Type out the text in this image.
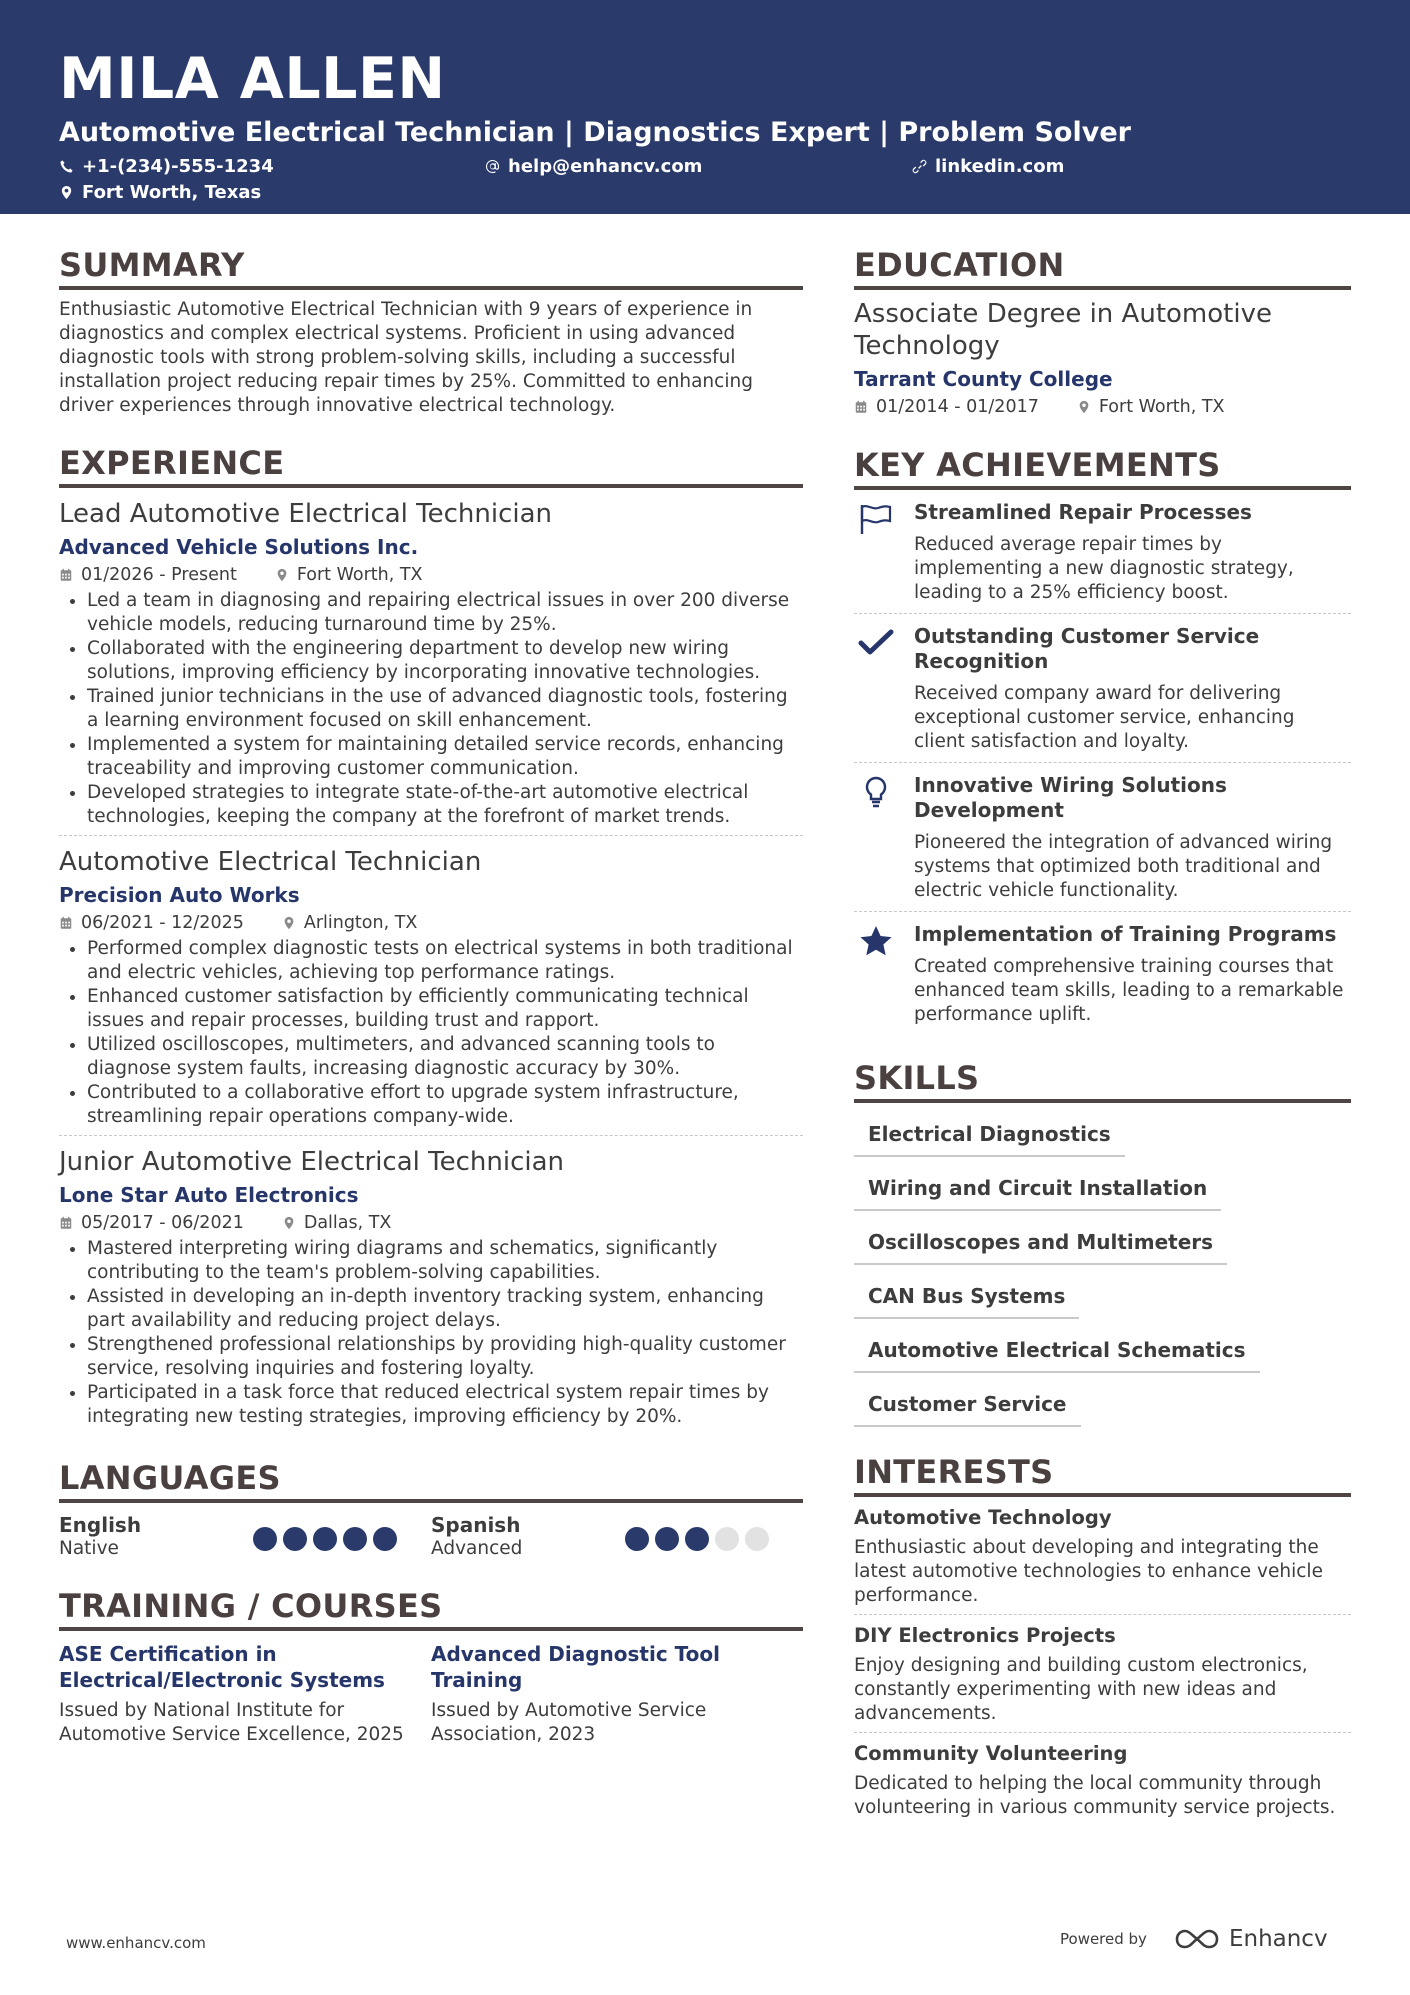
MILA ALLEN
Automotive Electrical Technician | Diagnostics Expert | Problem Solver
+1-(234)-555-1234	help@enhancv.com	linkedin.com
Fort Worth, Texas
SUMMARY
Enthusiastic Automotive Electrical Technician with 9 years of experience in diagnostics and complex electrical systems. Proficient in using advanced diagnostic tools with strong problem-solving skills, including a successful installation project reducing repair times by 25%. Committed to enhancing driver experiences through innovative electrical technology.
EXPERIENCE
Lead Automotive Electrical Technician
Advanced Vehicle Solutions Inc.
01/2026 - Present	Fort Worth, TX
• Led a team in diagnosing and repairing electrical issues in over 200 diverse vehicle models, reducing turnaround time by 25%.
• Collaborated with the engineering department to develop new wiring solutions, improving efficiency by incorporating innovative technologies.
• Trained junior technicians in the use of advanced diagnostic tools, fostering a learning environment focused on skill enhancement.
• Implemented a system for maintaining detailed service records, enhancing traceability and improving customer communication.
• Developed strategies to integrate state-of-the-art automotive electrical technologies, keeping the company at the forefront of market trends.
Automotive Electrical Technician
Precision Auto Works
06/2021 - 12/2025	Arlington, TX
• Performed complex diagnostic tests on electrical systems in both traditional and electric vehicles, achieving top performance ratings.
• Enhanced customer satisfaction by efficiently communicating technical issues and repair processes, building trust and rapport.
• Utilized oscilloscopes, multimeters, and advanced scanning tools to diagnose system faults, increasing diagnostic accuracy by 30%.
• Contributed to a collaborative effort to upgrade system infrastructure, streamlining repair operations company-wide.
Junior Automotive Electrical Technician
Lone Star Auto Electronics
05/2017 - 06/2021	Dallas, TX
• Mastered interpreting wiring diagrams and schematics, significantly contributing to the team's problem-solving capabilities.
• Assisted in developing an in-depth inventory tracking system, enhancing part availability and reducing project delays.
• Strengthened professional relationships by providing high-quality customer service, resolving inquiries and fostering loyalty.
• Participated in a task force that reduced electrical system repair times by integrating new testing strategies, improving efficiency by 20%.
LANGUAGES
English
Native
Spanish
Advanced
TRAINING / COURSES
ASE Certification in Electrical/Electronic Systems
Issued by National Institute for Automotive Service Excellence, 2025
Advanced Diagnostic Tool Training
Issued by Automotive Service Association, 2023
EDUCATION
Associate Degree in Automotive Technology
Tarrant County College
01/2014 - 01/2017	Fort Worth, TX
KEY ACHIEVEMENTS
Streamlined Repair Processes
Reduced average repair times by implementing a new diagnostic strategy, leading to a 25% efficiency boost.
Outstanding Customer Service Recognition
Received company award for delivering exceptional customer service, enhancing client satisfaction and loyalty.
Innovative Wiring Solutions Development
Pioneered the integration of advanced wiring systems that optimized both traditional and electric vehicle functionality.
Implementation of Training Programs
Created comprehensive training courses that enhanced team skills, leading to a remarkable performance uplift.
SKILLS
Electrical Diagnostics
Wiring and Circuit Installation
Oscilloscopes and Multimeters
CAN Bus Systems
Automotive Electrical Schematics
Customer Service
INTERESTS
Automotive Technology
Enthusiastic about developing and integrating the latest automotive technologies to enhance vehicle performance.
DIY Electronics Projects
Enjoy designing and building custom electronics, constantly experimenting with new ideas and advancements.
Community Volunteering
Dedicated to helping the local community through volunteering in various community service projects.
www.enhancv.com	Powered by	Enhancv
